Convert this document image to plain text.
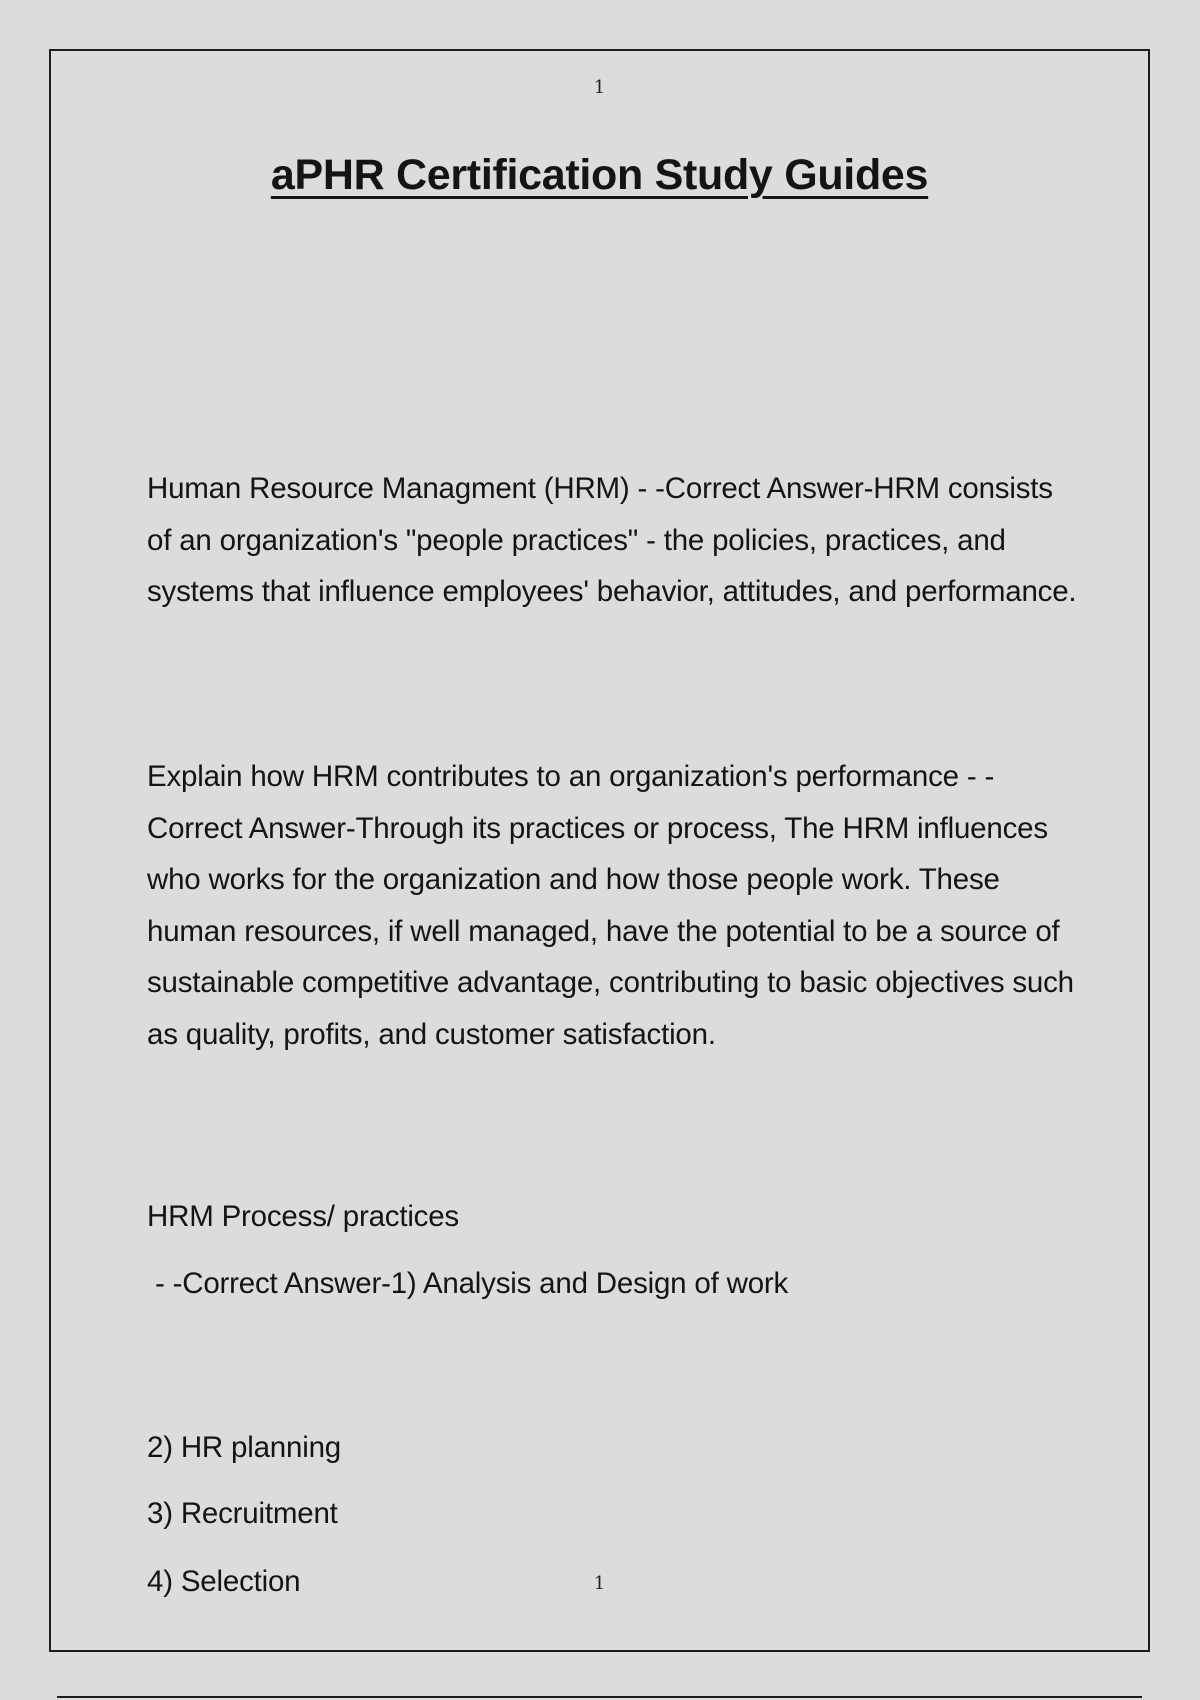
1
aPHR Certification Study Guides

Human Resource Managment (HRM) - -Correct Answer-HRM consists of an organization's "people practices" - the policies, practices, and systems that influence employees' behavior, attitudes, and performance.

Explain how HRM contributes to an organization's performance - -Correct Answer-Through its practices or process, The HRM influences who works for the organization and how those people work. These human resources, if well managed, have the potential to be a source of sustainable competitive advantage, contributing to basic objectives such as quality, profits, and customer satisfaction.

HRM Process/ practices

- -Correct Answer-1) Analysis and Design of work

2) HR planning

3) Recruitment

4) Selection	1
